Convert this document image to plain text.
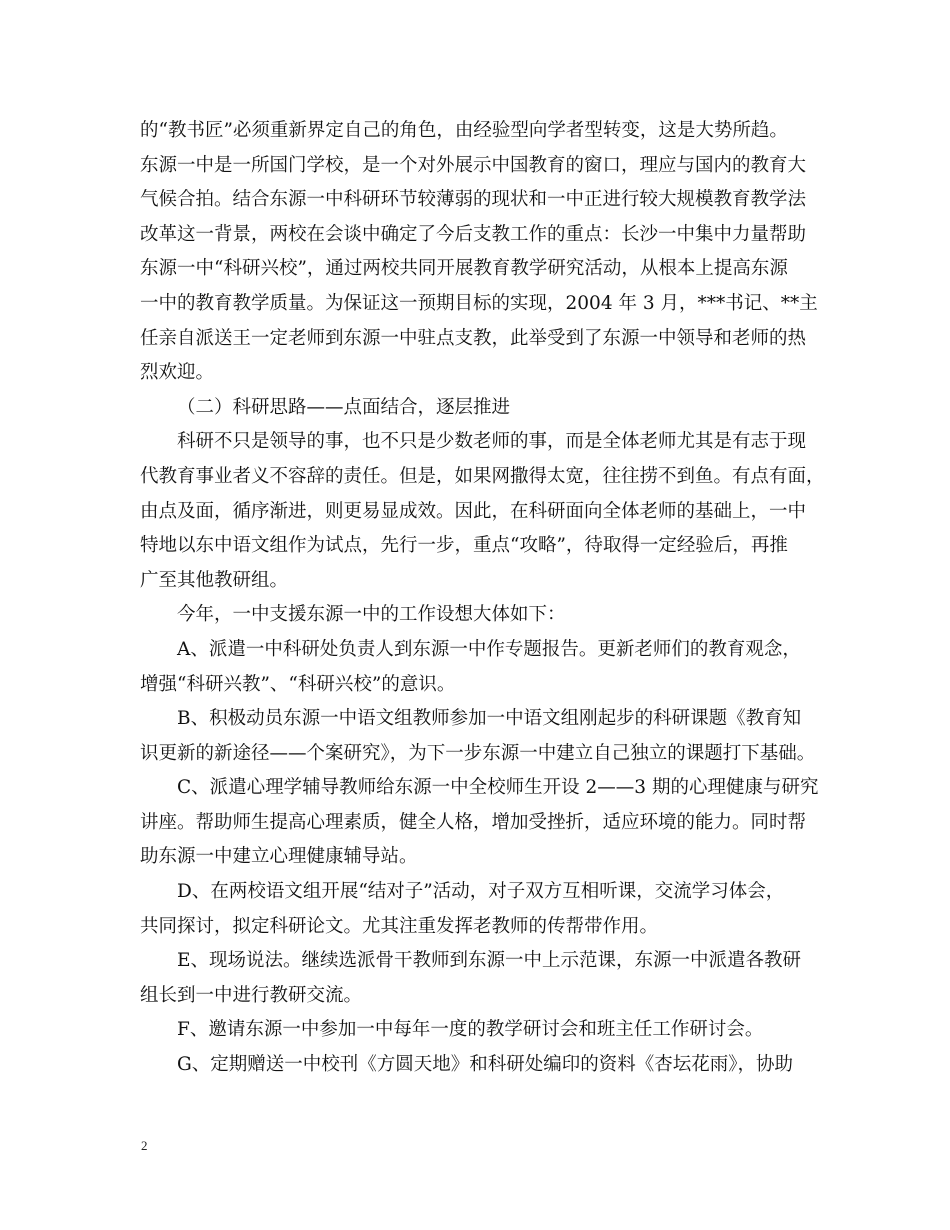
的“教书匠”必须重新界定自己的角色，由经验型向学者型转变，这是大势所趋。
东源一中是一所国门学校，是一个对外展示中国教育的窗口，理应与国内的教育大
气候合拍。结合东源一中科研环节较薄弱的现状和一中正进行较大规模教育教学法
改革这一背景，两校在会谈中确定了今后支教工作的重点：长沙一中集中力量帮助
东源一中“科研兴校”，通过两校共同开展教育教学研究活动，从根本上提高东源
一中的教育教学质量。为保证这一预期目标的实现，2004 年 3 月，***书记、**主
任亲自派送王一定老师到东源一中驻点支教，此举受到了东源一中领导和老师的热
烈欢迎。
（二）科研思路——点面结合，逐层推进
科研不只是领导的事，也不只是少数老师的事，而是全体老师尤其是有志于现
代教育事业者义不容辞的责任。但是，如果网撒得太宽，往往捞不到鱼。有点有面，
由点及面，循序渐进，则更易显成效。因此，在科研面向全体老师的基础上，一中
特地以东中语文组作为试点，先行一步，重点“攻略”，待取得一定经验后，再推
广至其他教研组。
今年，一中支援东源一中的工作设想大体如下：
A、派遣一中科研处负责人到东源一中作专题报告。更新老师们的教育观念，
增强“科研兴教”、“科研兴校”的意识。
B、积极动员东源一中语文组教师参加一中语文组刚起步的科研课题《教育知
识更新的新途径——个案研究》，为下一步东源一中建立自己独立的课题打下基础。
C、派遣心理学辅导教师给东源一中全校师生开设 2——3 期的心理健康与研究
讲座。帮助师生提高心理素质，健全人格，增加受挫折，适应环境的能力。同时帮
助东源一中建立心理健康辅导站。
D、在两校语文组开展“结对子”活动，对子双方互相听课，交流学习体会，
共同探讨，拟定科研论文。尤其注重发挥老教师的传帮带作用。
E、现场说法。继续选派骨干教师到东源一中上示范课，东源一中派遣各教研
组长到一中进行教研交流。
F、邀请东源一中参加一中每年一度的教学研讨会和班主任工作研讨会。
G、定期赠送一中校刊《方圆天地》和科研处编印的资料《杏坛花雨》，协助
2
